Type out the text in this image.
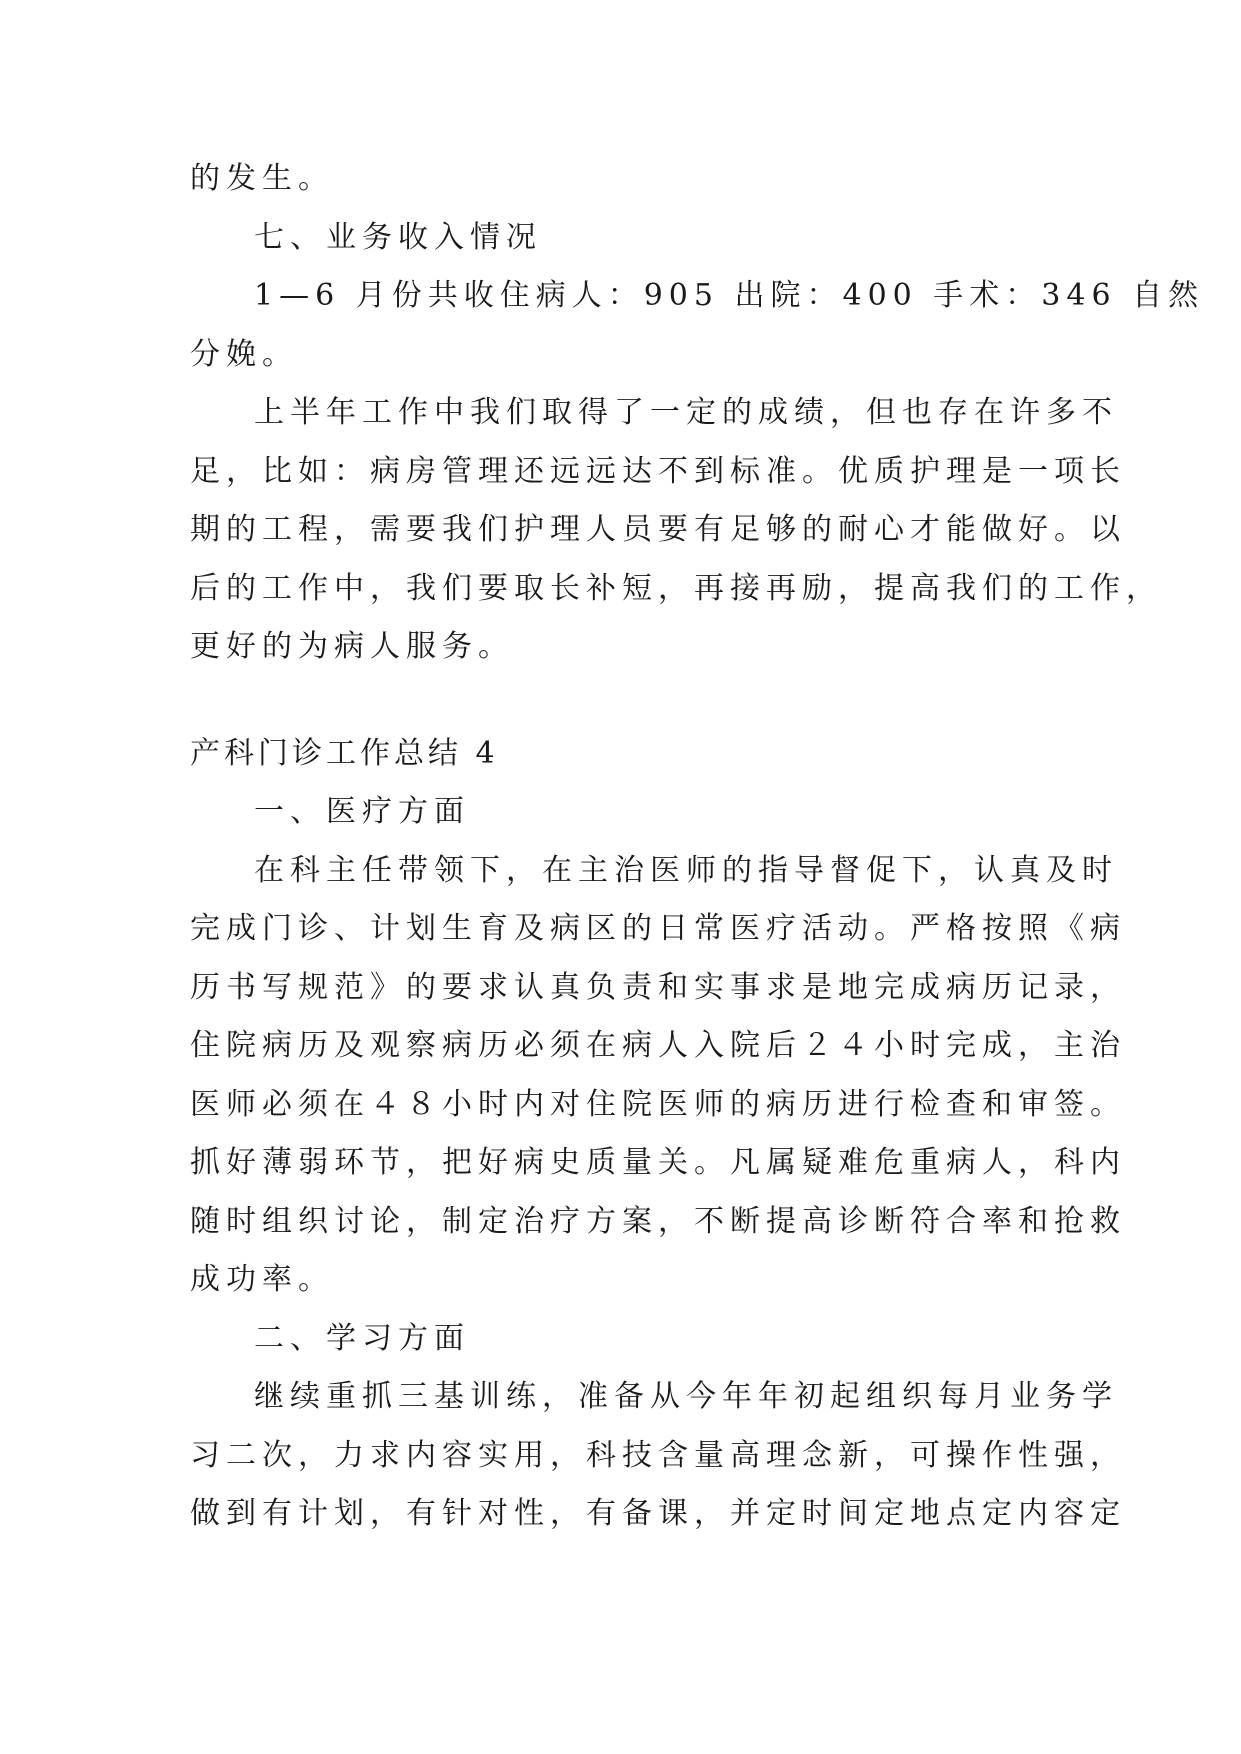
的发生。
七、业务收入情况
1—6 月份共收住病人：905 出院：400 手术：346 自然
分娩。
上半年工作中我们取得了一定的成绩，但也存在许多不
足，比如：病房管理还远远达不到标准。优质护理是一项长
期的工程，需要我们护理人员要有足够的耐心才能做好。以
后的工作中，我们要取长补短，再接再励，提高我们的工作，
更好的为病人服务。
产科门诊工作总结 4
一、医疗方面
在科主任带领下，在主治医师的指导督促下，认真及时
完成门诊、计划生育及病区的日常医疗活动。严格按照《病
历书写规范》的要求认真负责和实事求是地完成病历记录，
住院病历及观察病历必须在病人入院后２４小时完成，主治
医师必须在４８小时内对住院医师的病历进行检查和审签。
抓好薄弱环节，把好病史质量关。凡属疑难危重病人，科内
随时组织讨论，制定治疗方案，不断提高诊断符合率和抢救
成功率。
二、学习方面
继续重抓三基训练，准备从今年年初起组织每月业务学
习二次，力求内容实用，科技含量高理念新，可操作性强，
做到有计划，有针对性，有备课，并定时间定地点定内容定
